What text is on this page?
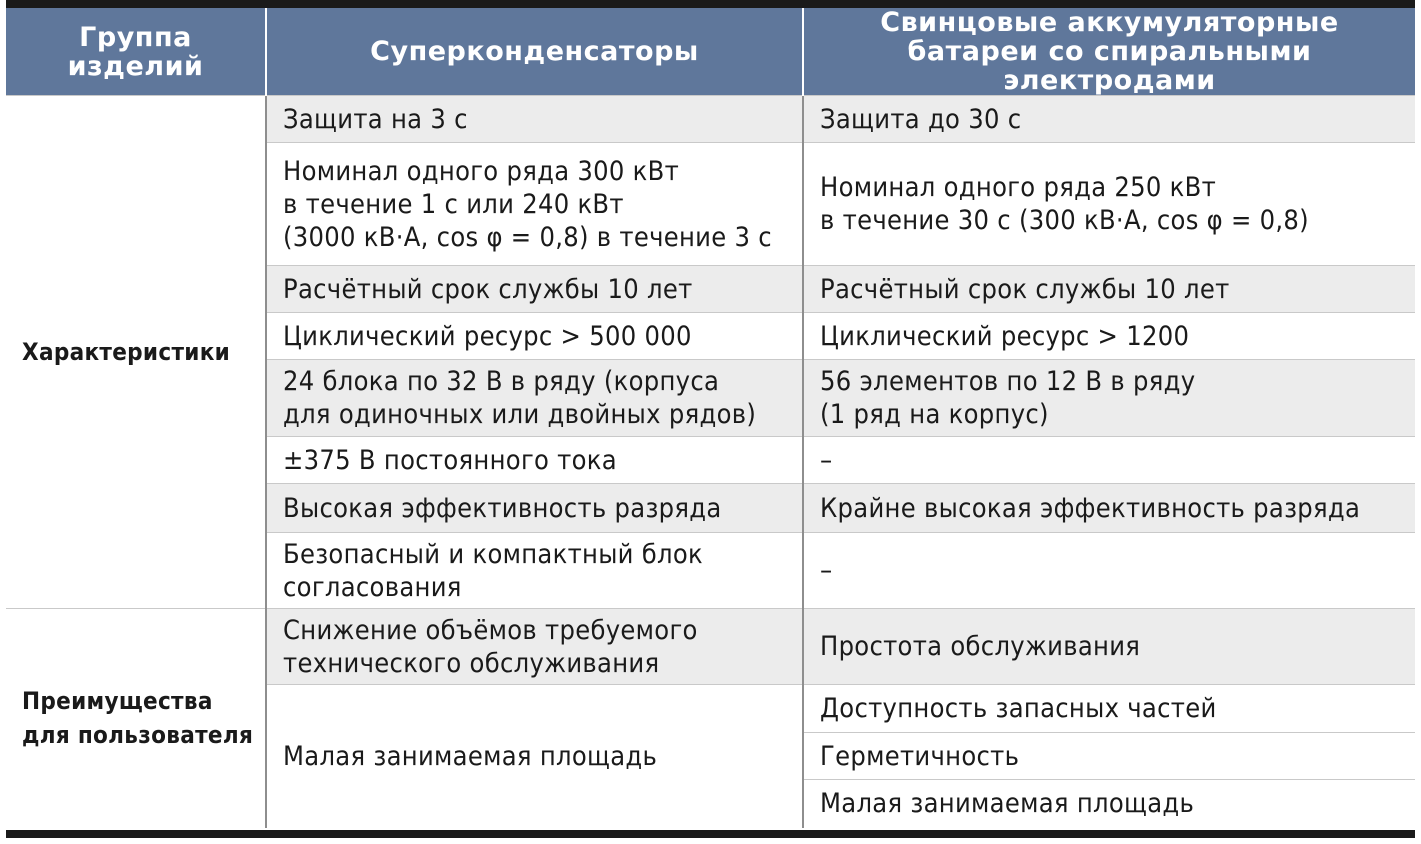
Группа
изделий	Суперконденсаторы	Свинцовые аккумуляторные
батареи со спиральными электродами

Характеристики	Защита на 3 с	Защита до 30 с

	Номинал одного ряда 300 кВт
в течение 1 с или 240 кВт
(3000 кВ·А, cos φ = 0,8) в течение 3 с	Номинал одного ряда 250 кВт
в течение 30 с (300 кВ·А, cos φ = 0,8)

	Расчётный срок службы 10 лет	Расчётный срок службы 10 лет

	Циклический ресурс > 500 000	Циклический ресурс > 1200

	24 блока по 32 В в ряду (корпуса
для одиночных или двойных рядов)	56 элементов по 12 В в ряду
(1 ряд на корпус)

	±375 В постоянного тока	–

	Высокая эффективность разряда	Крайне высокая эффективность разряда

	Безопасный и компактный блок
согласования	–

Преимущества
для пользователя	Снижение объёмов требуемого
технического обслуживания	Простота обслуживания

	Малая занимаемая площадь	Доступность запасных частей

		Герметичность

		Малая занимаемая площадь
